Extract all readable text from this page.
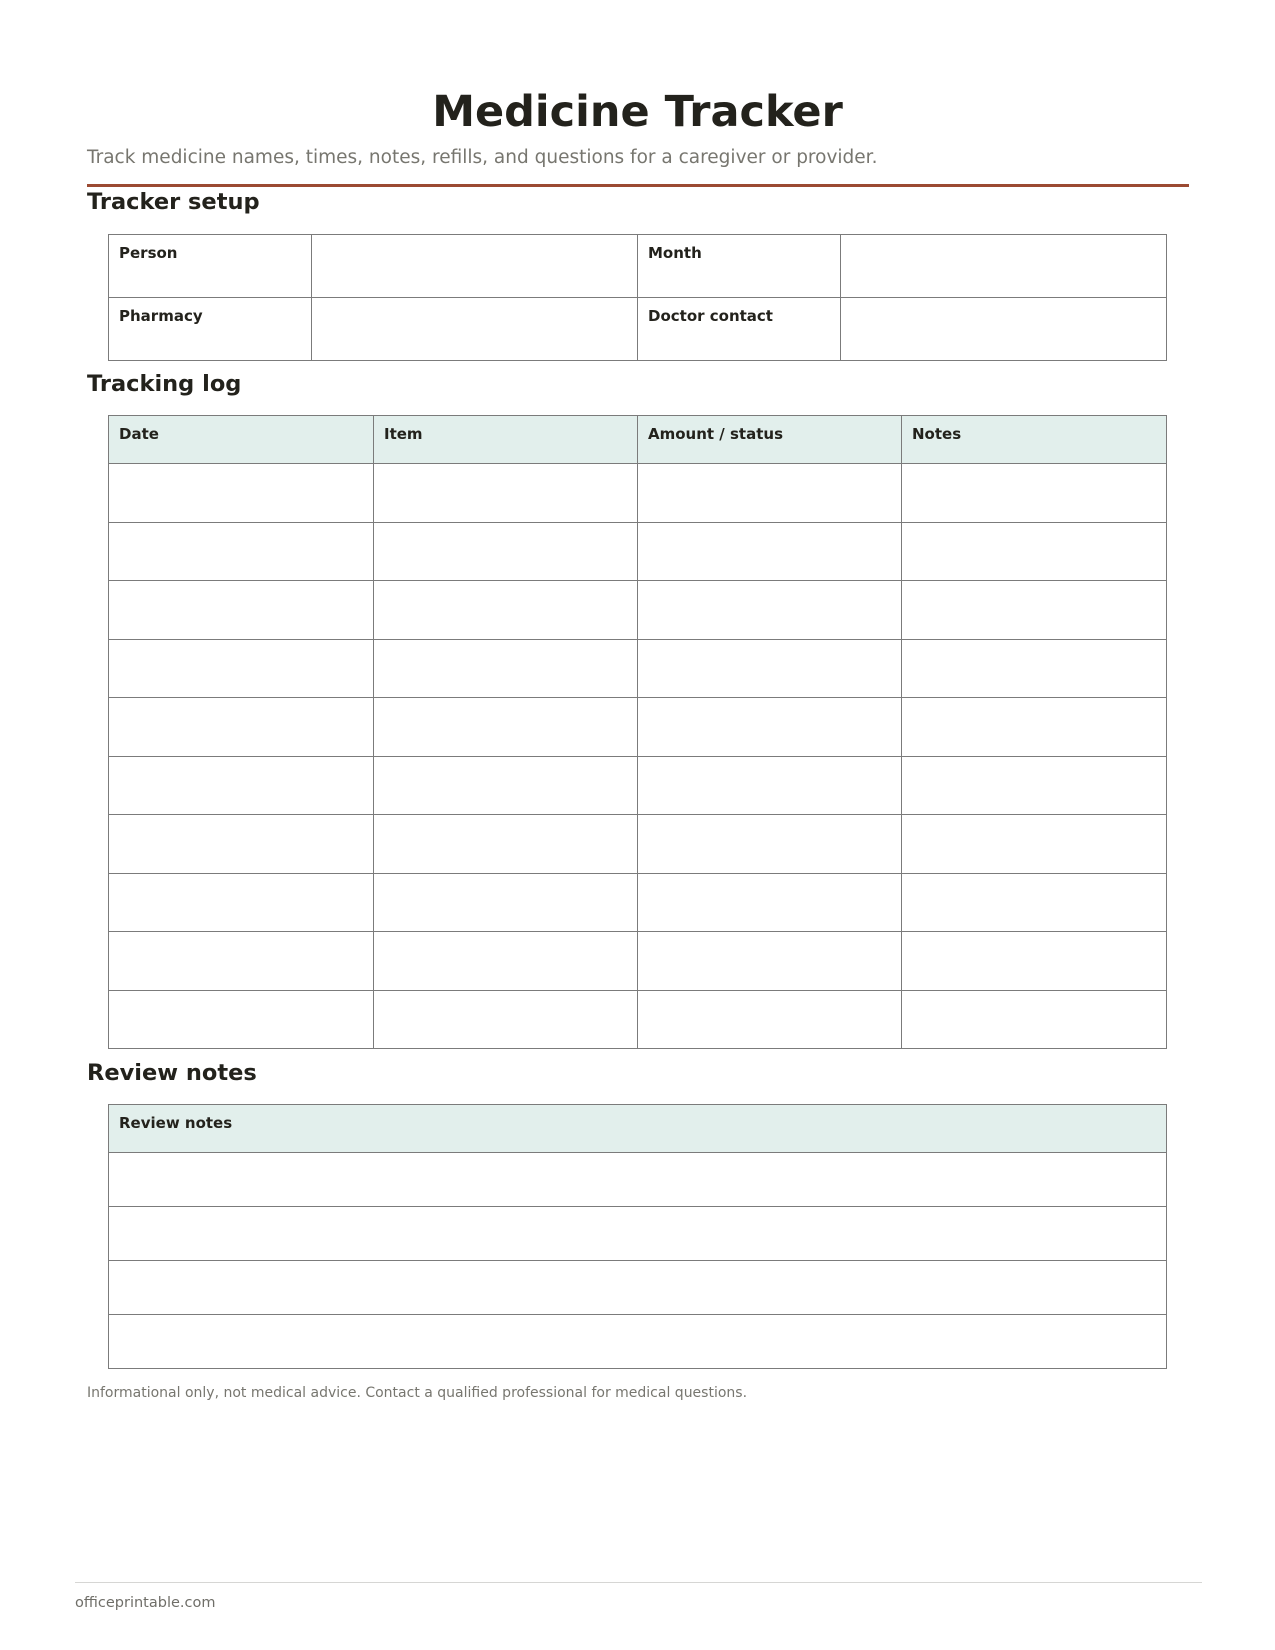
Medicine Tracker

Track medicine names, times, notes, refills, and questions for a caregiver or provider.

Tracker setup
Person		Month	

Pharmacy		Doctor contact	

Tracking log
Date	Item	Amount / status	Notes

Review notes
Review notes

Informational only, not medical advice. Contact a qualified professional for medical questions.

officeprintable.com
